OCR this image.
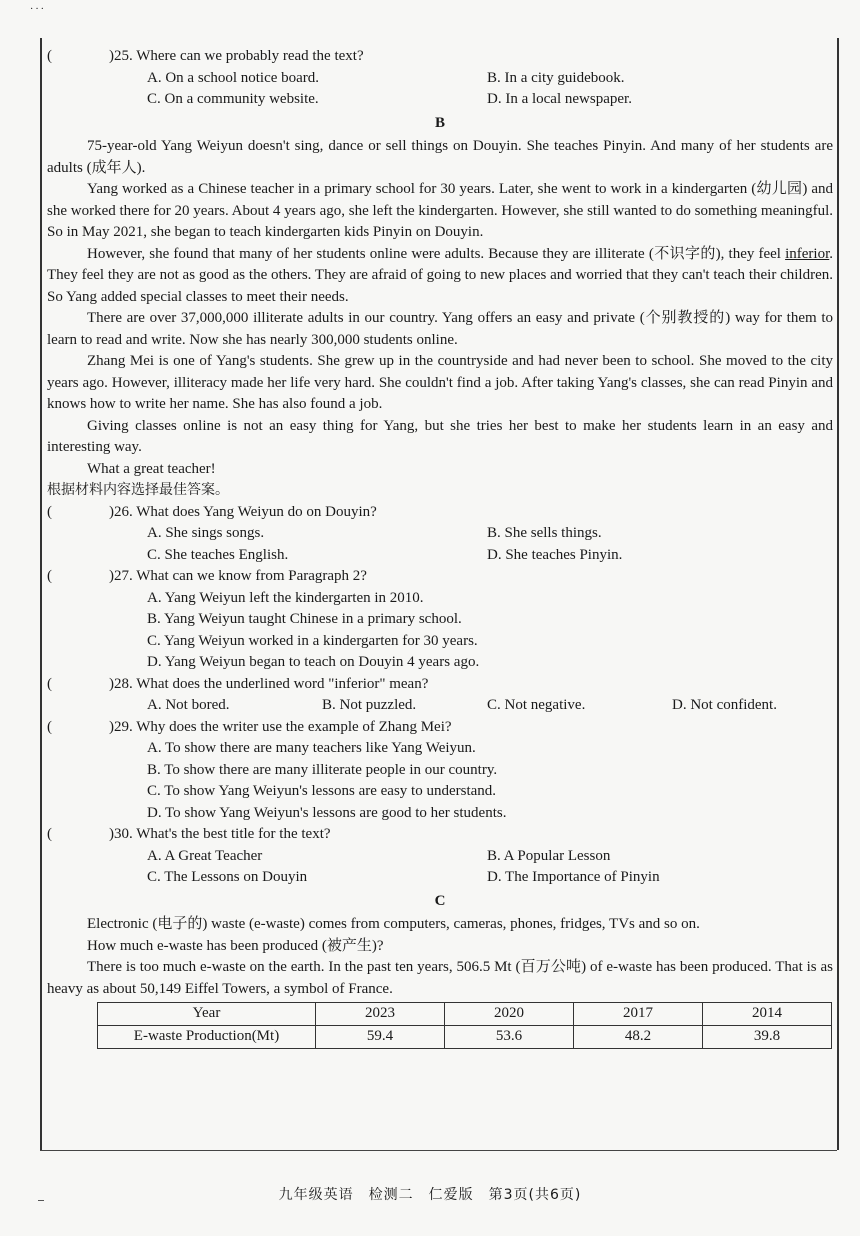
···
(	)25. Where can we probably read the text?
A. On a school notice board.	B. In a city guidebook.
C. On a community website.	D. In a local newspaper.
B

75-year-old Yang Weiyun doesn't sing, dance or sell things on Douyin. She teaches Pinyin. And many of her students are adults (成年人).

Yang worked as a Chinese teacher in a primary school for 30 years. Later, she went to work in a kindergarten (幼儿园) and she worked there for 20 years. About 4 years ago, she left the kindergarten. However, she still wanted to do something meaningful. So in May 2021, she began to teach kindergarten kids Pinyin on Douyin.

However, she found that many of her students online were adults. Because they are illiterate (不识字的), they feel inferior. They feel they are not as good as the others. They are afraid of going to new places and worried that they can't teach their children. So Yang added special classes to meet their needs.

There are over 37,000,000 illiterate adults in our country. Yang offers an easy and private (个别教授的) way for them to learn to read and write. Now she has nearly 300,000 students online.

Zhang Mei is one of Yang's students. She grew up in the countryside and had never been to school. She moved to the city years ago. However, illiteracy made her life very hard. She couldn't find a job. After taking Yang's classes, she can read Pinyin and knows how to write her name. She has also found a job.

Giving classes online is not an easy thing for Yang, but she tries her best to make her students learn in an easy and interesting way.

What a great teacher!

根据材料内容选择最佳答案。
(	)26. What does Yang Weiyun do on Douyin?
A. She sings songs.	B. She sells things.
C. She teaches English.	D. She teaches Pinyin.
(	)27. What can we know from Paragraph 2?
A. Yang Weiyun left the kindergarten in 2010.
B. Yang Weiyun taught Chinese in a primary school.
C. Yang Weiyun worked in a kindergarten for 30 years.
D. Yang Weiyun began to teach on Douyin 4 years ago.
(	)28. What does the underlined word "inferior" mean?
A. Not bored.	B. Not puzzled.	C. Not negative.	D. Not confident.
(	)29. Why does the writer use the example of Zhang Mei?
A. To show there are many teachers like Yang Weiyun.
B. To show there are many illiterate people in our country.
C. To show Yang Weiyun's lessons are easy to understand.
D. To show Yang Weiyun's lessons are good to her students.
(	)30. What's the best title for the text?
A. A Great Teacher	B. A Popular Lesson
C. The Lessons on Douyin	D. The Importance of Pinyin
C

Electronic (电子的) waste (e-waste) comes from computers, cameras, phones, fridges, TVs and so on.

How much e-waste has been produced (被产生)?

There is too much e-waste on the earth. In the past ten years, 506.5 Mt (百万公吨) of e-waste has been produced. That is as heavy as about 50,149 Eiffel Towers, a symbol of France.

Year	2023	2020	2017	2014
E-waste Production(Mt)	59.4	53.6	48.2	39.8
九年级英语　检测二　仁爱版　第3页(共6页)
